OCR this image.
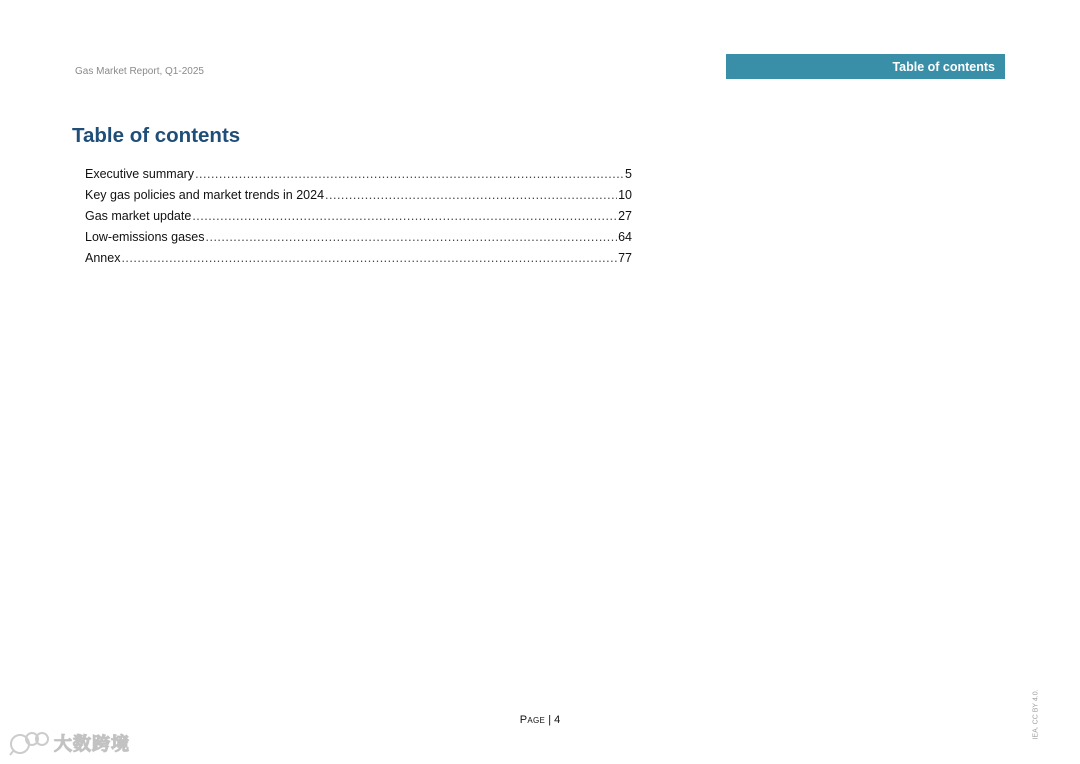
Gas Market Report, Q1-2025	Table of contents
Table of contents
Executive summary .....	5
Key gas policies and market trends in 2024 .....	10
Gas market update .....	27
Low-emissions gases .....	64
Annex .....	77
Page | 4	IEA. CC BY 4.0.
大数跨境
